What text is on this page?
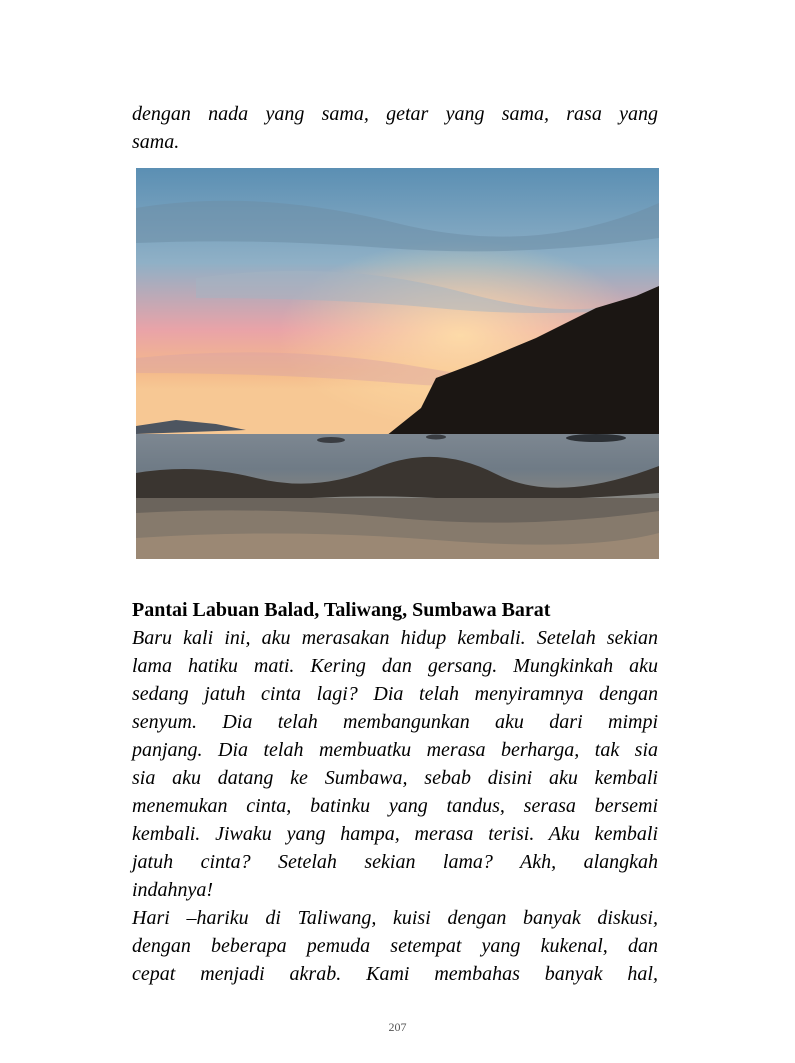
dengan nada yang sama, getar yang sama, rasa yang
sama.
Pantai Labuan Balad, Taliwang, Sumbawa Barat
Baru kali ini, aku merasakan hidup kembali. Setelah sekian
lama hatiku mati. Kering dan gersang. Mungkinkah aku
sedang jatuh cinta lagi? Dia telah menyiramnya dengan
senyum. Dia telah membangunkan aku dari mimpi
panjang. Dia telah membuatku merasa berharga, tak sia
sia aku datang ke Sumbawa, sebab disini aku kembali
menemukan cinta, batinku yang tandus, serasa bersemi
kembali. Jiwaku yang hampa, merasa terisi. Aku kembali
jatuh cinta? Setelah sekian lama? Akh, alangkah
indahnya!
Hari –hariku di Taliwang, kuisi dengan banyak diskusi,
dengan beberapa pemuda setempat yang kukenal, dan
cepat menjadi akrab. Kami membahas banyak hal,
207
